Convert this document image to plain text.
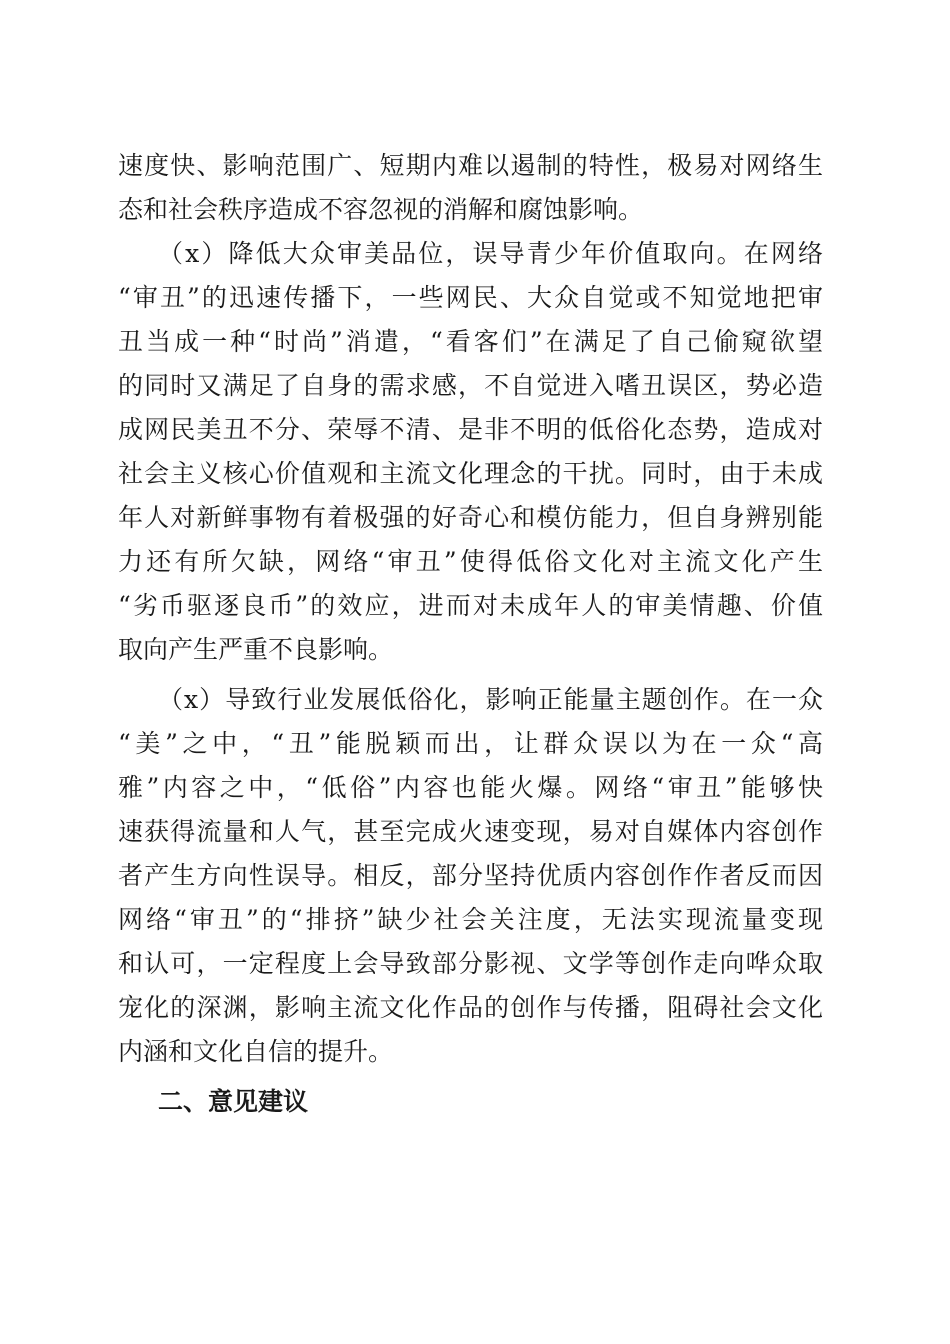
速度快、影响范围广、短期内难以遏制的特性，极易对网络生
态和社会秩序造成不容忽视的消解和腐蚀影响。
（x）降低大众审美品位，误导青少年价值取向。在网络
“审丑”的迅速传播下，一些网民、大众自觉或不知觉地把审
丑当成一种“时尚”消遣，“看客们”在满足了自己偷窥欲望
的同时又满足了自身的需求感，不自觉进入嗜丑误区，势必造
成网民美丑不分、荣辱不清、是非不明的低俗化态势，造成对
社会主义核心价值观和主流文化理念的干扰。同时，由于未成
年人对新鲜事物有着极强的好奇心和模仿能力，但自身辨别能
力还有所欠缺，网络“审丑”使得低俗文化对主流文化产生
“劣币驱逐良币”的效应，进而对未成年人的审美情趣、价值
取向产生严重不良影响。
（x）导致行业发展低俗化，影响正能量主题创作。在一众
“美”之中，“丑”能脱颖而出，让群众误以为在一众“高
雅”内容之中，“低俗”内容也能火爆。网络“审丑”能够快
速获得流量和人气，甚至完成火速变现，易对自媒体内容创作
者产生方向性误导。相反，部分坚持优质内容创作作者反而因
网络“审丑”的“排挤”缺少社会关注度，无法实现流量变现
和认可，一定程度上会导致部分影视、文学等创作走向哗众取
宠化的深渊，影响主流文化作品的创作与传播，阻碍社会文化
内涵和文化自信的提升。
二、意见建议
